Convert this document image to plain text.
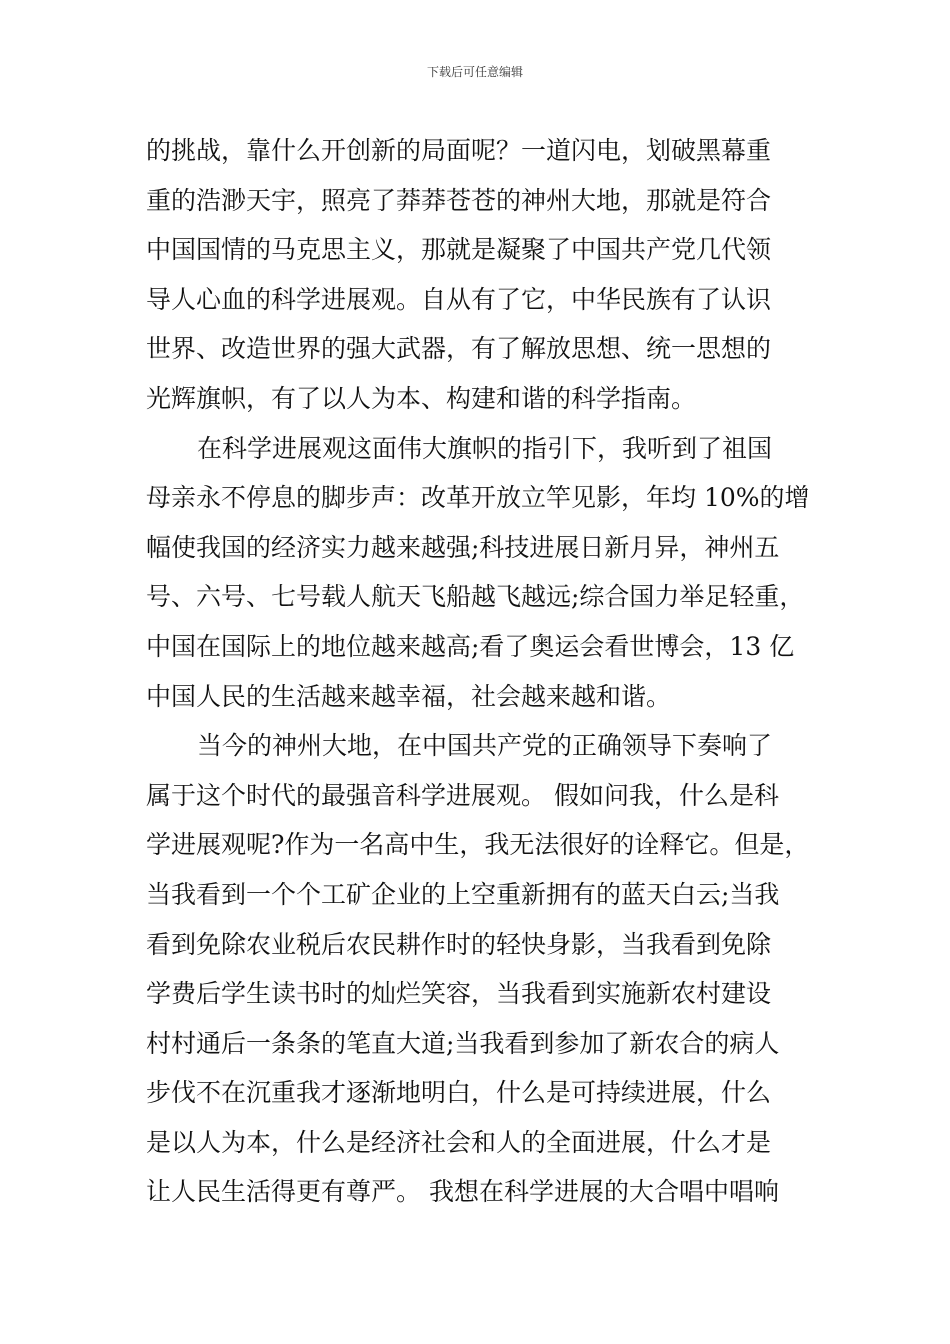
下载后可任意编辑
的挑战，靠什么开创新的局面呢？一道闪电，划破黑幕重
重的浩渺天宇，照亮了莽莽苍苍的神州大地，那就是符合
中国国情的马克思主义，那就是凝聚了中国共产党几代领
导人心血的科学进展观。自从有了它，中华民族有了认识
世界、改造世界的强大武器，有了解放思想、统一思想的
光辉旗帜，有了以人为本、构建和谐的科学指南。
在科学进展观这面伟大旗帜的指引下，我听到了祖国
母亲永不停息的脚步声：改革开放立竿见影，年均 10%的增
幅使我国的经济实力越来越强;科技进展日新月异，神州五
号、六号、七号载人航天飞船越飞越远;综合国力举足轻重，
中国在国际上的地位越来越高;看了奥运会看世博会，13 亿
中国人民的生活越来越幸福，社会越来越和谐。
当今的神州大地，在中国共产党的正确领导下奏响了
属于这个时代的最强音科学进展观。 假如问我，什么是科
学进展观呢?作为一名高中生，我无法很好的诠释它。但是，
当我看到一个个工矿企业的上空重新拥有的蓝天白云;当我
看到免除农业税后农民耕作时的轻快身影，当我看到免除
学费后学生读书时的灿烂笑容，当我看到实施新农村建设
村村通后一条条的笔直大道;当我看到参加了新农合的病人
步伐不在沉重我才逐渐地明白，什么是可持续进展，什么
是以人为本，什么是经济社会和人的全面进展，什么才是
让人民生活得更有尊严。 我想在科学进展的大合唱中唱响
